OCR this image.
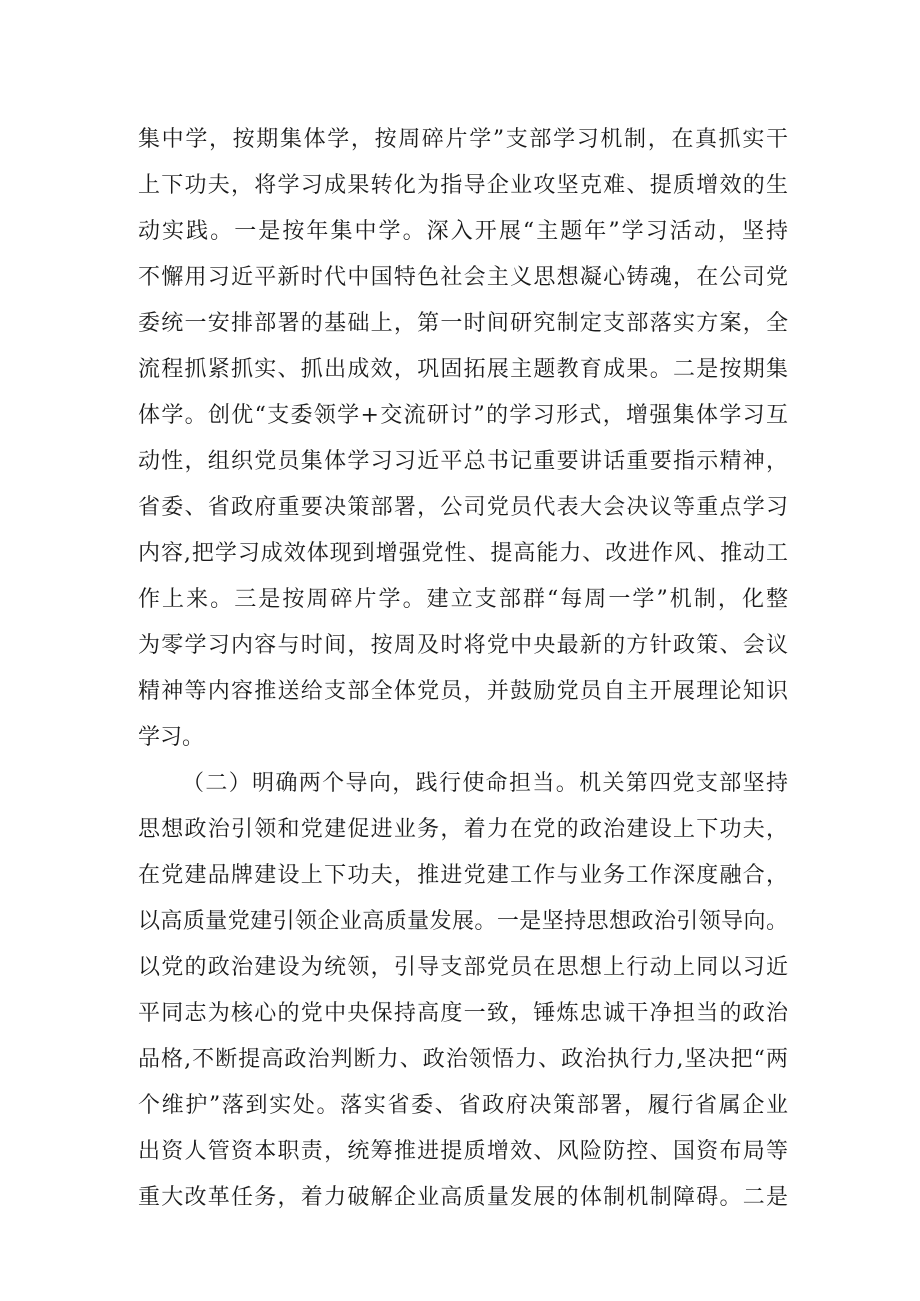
集中学，按期集体学，按周碎片学”支部学习机制，在真抓实干
上下功夫，将学习成果转化为指导企业攻坚克难、提质增效的生
动实践。一是按年集中学。深入开展“主题年”学习活动，坚持
不懈用习近平新时代中国特色社会主义思想凝心铸魂，在公司党
委统一安排部署的基础上，第一时间研究制定支部落实方案，全
流程抓紧抓实、抓出成效，巩固拓展主题教育成果。二是按期集
体学。创优“支委领学+交流研讨”的学习形式，增强集体学习互
动性，组织党员集体学习习近平总书记重要讲话重要指示精神，
省委、省政府重要决策部署，公司党员代表大会决议等重点学习
内容,把学习成效体现到增强党性、提高能力、改进作风、推动工
作上来。三是按周碎片学。建立支部群“每周一学”机制，化整
为零学习内容与时间，按周及时将党中央最新的方针政策、会议
精神等内容推送给支部全体党员，并鼓励党员自主开展理论知识
学习。
（二）明确两个导向，践行使命担当。机关第四党支部坚持
思想政治引领和党建促进业务，着力在党的政治建设上下功夫，
在党建品牌建设上下功夫，推进党建工作与业务工作深度融合，
以高质量党建引领企业高质量发展。一是坚持思想政治引领导向。
以党的政治建设为统领，引导支部党员在思想上行动上同以习近
平同志为核心的党中央保持高度一致，锤炼忠诚干净担当的政治
品格,不断提高政治判断力、政治领悟力、政治执行力,坚决把“两
个维护”落到实处。落实省委、省政府决策部署，履行省属企业
出资人管资本职责，统筹推进提质增效、风险防控、国资布局等
重大改革任务，着力破解企业高质量发展的体制机制障碍。二是
